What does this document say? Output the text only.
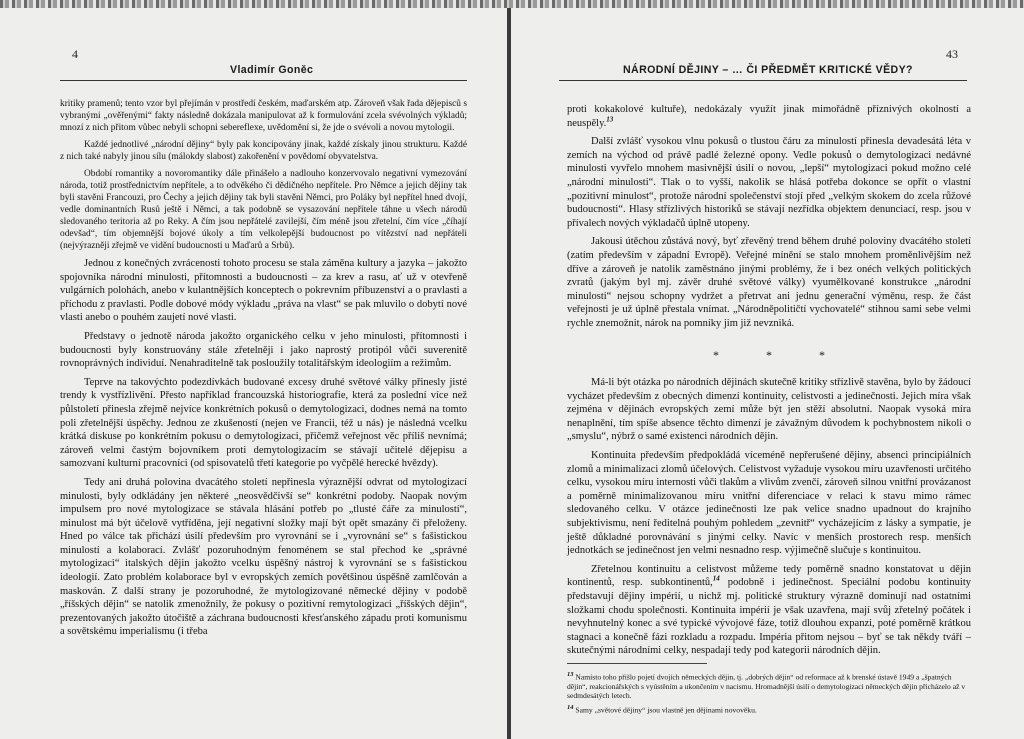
4
Vladimír Goněc

kritiky pramenů; tento vzor byl přejímán v prostředí českém, maďarském atp. Zároveň však řada dějepisců s vybranými „ověřenými“ fakty následně dokázala manipulovat až k formulování zcela svévolných výkladů; mnozí z nich přitom vůbec nebyli schopni sebereflexe, uvědomění si, že jde o svévoli a novou mytologii.

Každé jednotlivé „národní dějiny“ byly pak koncipovány jinak, každé získaly jinou strukturu. Každé z nich také nabyly jinou sílu (málokdy slabost) zakořenění v povědomí obyvatelstva.

Období romantiky a novoromantiky dále přinášelo a nadlouho konzervovalo negativní vymezování národa, totiž prostřednictvím nepřítele, a to odvěkého či dědičného nepřítele. Pro Němce a jejich dějiny tak byli stavěni Francouzi, pro Čechy a jejich dějiny tak byli stavěni Němci, pro Poláky byl nepřítel hned dvojí, vedle dominantních Rusů ještě i Němci, a tak podobně se vysazování nepřítele táhne u všech národů sledovaného teritoria až po Reky. A čím jsou nepřátelé zavilejší, čím méně jsou zřetelní, čím více „číhají odevšad“, tím objemnější bojové úkoly a tím velkolepější budoucnost po vítězství nad nepřáteli (nejvýrazněji zřejmě ve vidění budoucnosti u Maďarů a Srbů).

Jednou z konečných zvrácenosti tohoto procesu se stala záměna kultury a jazyka – jakožto spojovníka národní minulosti, přítomnosti a budoucnosti – za krev a rasu, ať už v otevřeně vulgárních polohách, anebo v kulantnějších konceptech o pokrevním příbuzenství a o pravlasti a příchodu z pravlasti. Podle dobové módy výkladu „práva na vlast“ se pak mluvilo o dobytí nové vlasti anebo o pouhém zaujetí nové vlasti.

Představy o jednotě národa jakožto organického celku v jeho minulosti, přítomnosti i budoucnosti byly konstruovány stále zřetelněji i jako naprostý protipól vůči suverenitě rovnoprávných individuí. Nenahraditelně tak posloužily totalitářským ideologiím a režimům.

Teprve na takovýchto podezdívkách budované excesy druhé světové války přinesly jisté trendy k vystřízlivění. Přesto například francouzská historiografie, která za poslední více než půlstoletí přinesla zřejmě nejvíce konkrétních pokusů o demytologizaci, dodnes nemá na tomto poli zřetelnější úspěchy. Jednou ze zkušeností (nejen ve Francii, též u nás) je následná vcelku krátká diskuse po konkrétním pokusu o demytologizaci, přičemž veřejnost věc příliš nevnímá; zároveň velmi častým bojovníkem proti demytologizacím se stávají učitelé dějepisu a samozvaní kulturní pracovníci (od spisovatelů třetí kategorie po vyčpělé herecké hvězdy).

Tedy ani druhá polovina dvacátého století nepřinesla výraznější odvrat od mytologizací minulosti, byly odkládány jen některé „neosvědčivší se“ konkrétní podoby. Naopak novým impulsem pro nové mytologizace se stávala hlásání potřeb po „tlusté čáře za minulostí“, minulost má být účelově vytříděna, její negativní složky mají být opět smazány či přeloženy. Hned po válce tak přichází úsilí především pro vyrovnání se i „vyrovnání se“ s fašistickou minulostí a kolaborací. Zvlášť pozoruhodným fenoménem se stal přechod ke „správné mytologizaci“ italských dějin jakožto vcelku úspěšný nástroj k vyrovnání se s fašistickou ideologií. Zato problém kolaborace byl v evropských zemích povětšinou úspěšně zamlčován a maskován. Z další strany je pozoruhodné, že mytologizované německé dějiny v podobě „říšských dějin“ se natolik zmenožnily, že pokusy o pozitivní remytologizaci „říšských dějin“, prezentovaných jakožto útočiště a záchrana budoucnosti křesťanského západu proti komunismu a sovětskému imperialismu (i třeba

43
NÁRODNÍ DĚJINY – … ČI PŘEDMĚT KRITICKÉ VĚDY?

proti kokakolové kultuře), nedokázaly využít jinak mimořádně příznivých okolností a neuspěly.$^{13}$

Další zvlášť vysokou vlnu pokusů o tlustou čáru za minulostí přinesla devadesátá léta v zemích na východ od právě padlé železné opony. Vedle pokusů o demytologizaci nedávné minulosti vyvřelo mnohem masivnější úsilí o novou, „lepší“ mytologizaci pokud možno celé „národní minulosti“. Tlak o to vyšší, nakolik se hlásá potřeba dokonce se opřít o vlastní „pozitivní minulost“, protože národní společenství stojí před „velkým skokem do zcela růžové budoucnosti“. Hlasy střízlivých historiků se stávají nezřídka objektem denunciací, resp. jsou v přívalech nových výkladačů úplně utopeny.

Jakousi útěchou zůstává nový, byť zřevěný trend během druhé poloviny dvacátého století (zatím především v západní Evropě). Veřejné mínění se stalo mnohem proměnlivějším než dříve a zároveň je natolik zaměstnáno jinými problémy, že i bez onéch velkých politických zvratů (jakým byl mj. závěr druhé světové války) vyumělkované konstrukce „národní minulosti“ nejsou schopny vydržet a přetrvat ani jednu generační výměnu, resp. že část veřejnosti je už úplně přestala vnímat. „Národněpolitičtí vychovatelé“ stihnou sami sebe velmi rychle znemožnit, nárok na pomníky jim již nevzniká.

* * *

Má-li být otázka po národních dějinách skutečně kritiky střízlivě stavěna, bylo by žádoucí vycházet především z obecných dimenzí kontinuity, celistvosti a jedinečnosti. Jejich míra však zejména v dějinách evropských zemí může být jen stěží absolutní. Naopak vysoká míra nenaplnění, tím spíše absence těchto dimenzí je závažným důvodem k pochybnostem nikoli o „smyslu“, nýbrž o samé existenci národních dějin.

Kontinuita především předpokládá víceméně nepřerušené dějiny, absenci principiálních zlomů a minimalizaci zlomů účelových. Celistvost vyžaduje vysokou míru uzavřenosti určitého celku, vysokou míru internosti vůči tlakům a vlivům zvenčí, zároveň silnou vnitřní provázanost a poměrně minimalizovanou míru vnitřní diferenciace v relaci k stavu mimo rámec sledovaného celku. V otázce jedinečnosti lze pak velice snadno upadnout do krajního subjektivismu, není ředitelná pouhým pohledem „zevnitř“ vycházejícím z lásky a sympatie, je ještě důkladné porovnávání s jinými celky. Navíc v menších prostorech resp. menších jednotkách se jedinečnost jen velmi nesnadno resp. výjimečně slučuje s kontinuitou.

Zřetelnou kontinuitu a celistvost můžeme tedy poměrně snadno konstatovat u dějin kontinentů, resp. subkontinentů,$^{14}$ podobně i jedinečnost. Speciální podobu kontinuity představují dějiny impérií, u nichž mj. politické struktury výrazně dominují nad ostatními složkami chodu společnosti. Kontinuita impérií je však uzavřena, mají svůj zřetelný počátek i nevyhnutelný konec a své typické vývojové fáze, totiž dlouhou expanzi, poté poměrně krátkou stagnaci a konečně fázi rozkladu a rozpadu. Impéria přitom nejsou – byť se tak někdy tváří – skutečnými národními celky, nespadají tedy pod kategorii národních dějin.

$^{13}$ Namísto toho přišlo pojetí dvojích německých dějin, tj. „dobrých dějin“ od reformace až k brenské ústavě 1949 a „špatných dějin“, reakcionářských s vyústěním a ukončením v nacismu. Hromadnější úsilí o demytologizaci německých dějin přicházelo až v sedmdesátých letech.
$^{14}$ Samy „světové dějiny“ jsou vlastně jen dějinami novověku.
